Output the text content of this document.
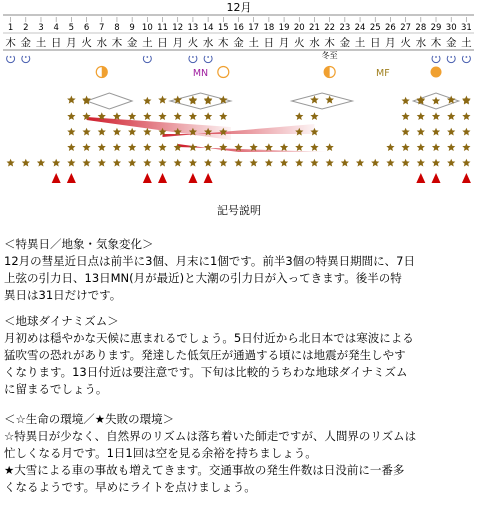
12月
1
木
2
金
3
土
4
日
5
月
6
火
7
水
8
木
9
金
10
土
11
日
12
月
13
火
14
水
15
木
16
金
17
土
18
日
19
月
20
火
21
水
22
木
23
金
24
土
25
日
26
月
27
火
28
水
29
木
30
金
31
土
冬至
MN	MF
記号説明
＜特異日／地象・気象変化＞

12月の彗星近日点は前半に3個、月末に1個です。前半3個の特異日期間に、7日

上弦の引力日、13日MN(月が最近)と大潮の引力日が入ってきます。後半の特

異日は31日だけです。

＜地球ダイナミズム＞

月初めは穏やかな天候に恵まれるでしょう。5日付近から北日本では寒波による

猛吹雪の恐れがあります。発達した低気圧が通過する頃には地震が発生しやす

くなります。13日付近は要注意です。下旬は比較的うちわな地球ダイナミズム

に留まるでしょう。

＜☆生命の環境／★失敗の環境＞

☆特異日が少なく、自然界のリズムは落ち着いた師走ですが、人間界のリズムは

忙しくなる月です。1日1回は空を見る余裕を持ちましょう。

★大雪による車の事故も増えてきます。交通事故の発生件数は日没前に一番多

くなるようです。早めにライトを点けましょう。
